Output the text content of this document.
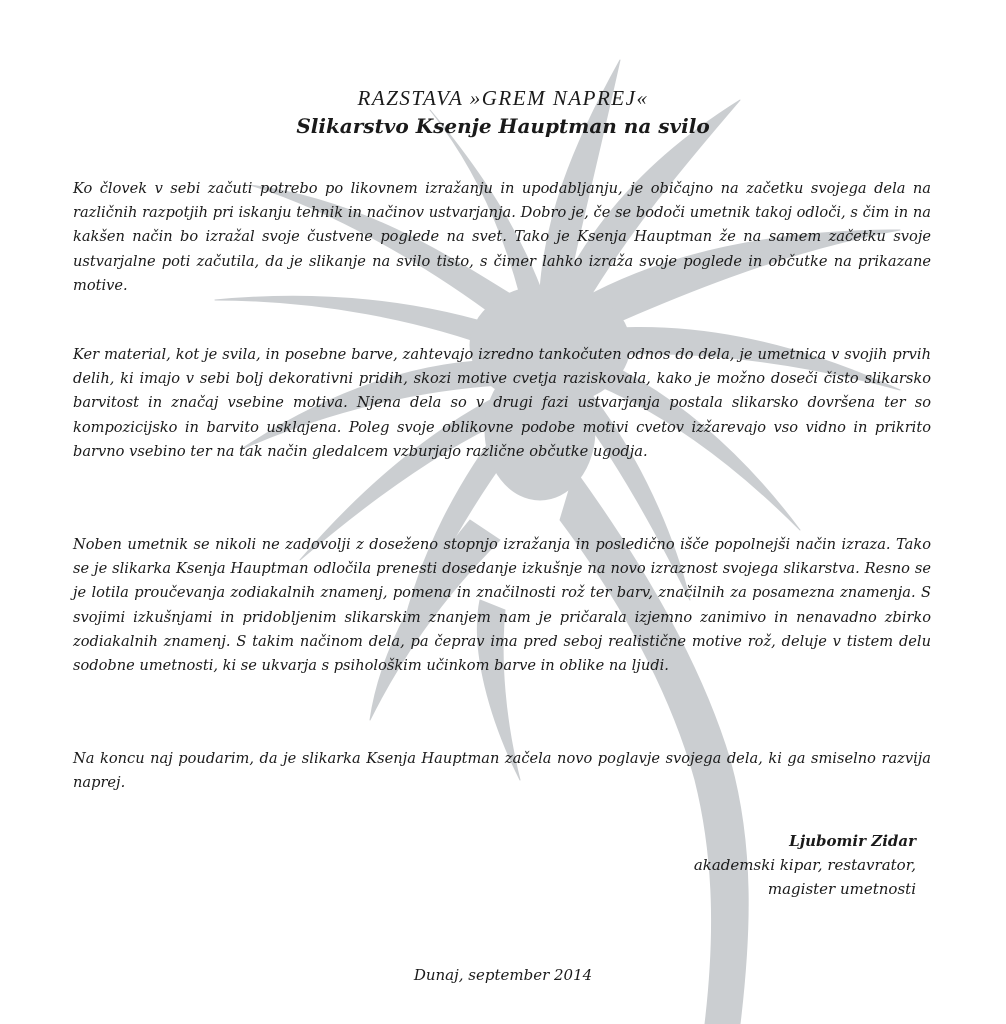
RAZSTAVA »GREM NAPREJ«
Slikarstvo Ksenje Hauptman na svilo

Ko človek v sebi začuti potrebo po likovnem izražanju in upodabljanju, je običajno na začetku svojega dela na različnih razpotjih pri iskanju tehnik in načinov ustvarjanja. Dobro je, če se bodoči umetnik takoj odloči, s čim in na kakšen način bo izražal svoje čustvene poglede na svet. Tako je Ksenja Hauptman že na samem začetku svoje ustvarjalne poti začutila, da je slikanje na svilo tisto, s čimer lahko izraža svoje poglede in občutke na prikazane motive.

Ker material, kot je svila, in posebne barve, zahtevajo izredno tankočuten odnos do dela, je umetnica v svojih prvih delih, ki imajo v sebi bolj dekorativni pridih, skozi motive cvetja raziskovala, kako je možno doseči čisto slikarsko barvitost in značaj vsebine motiva. Njena dela so v drugi fazi ustvarjanja postala slikarsko dovršena ter so kompozicijsko in barvito usklajena. Poleg svoje oblikovne podobe motivi cvetov izžarevajo vso vidno in prikrito barvno vsebino ter na tak način gledalcem vzburjajo različne občutke ugodja.

Noben umetnik se nikoli ne zadovolji z doseženo stopnjo izražanja in posledično išče popolnejši način izraza. Tako se je slikarka Ksenja Hauptman odločila prenesti dosedanje izkušnje na novo izraznost svojega slikarstva. Resno se je lotila proučevanja zodiakalnih znamenj, pomena in značilnosti rož ter barv, značilnih za posamezna znamenja. S svojimi izkušnjami in pridobljenim slikarskim znanjem nam je pričarala izjemno zanimivo in nenavadno zbirko zodiakalnih znamenj. S takim načinom dela, pa čeprav ima pred seboj realistične motive rož, deluje v tistem delu sodobne umetnosti, ki se ukvarja s psihološkim učinkom barve in oblike na ljudi.

Na koncu naj poudarim, da je slikarka Ksenja Hauptman začela novo poglavje svojega dela, ki ga smiselno razvija naprej.

Ljubomir Zidar
akademski kipar, restavrator,
magister umetnosti
Dunaj, september 2014
